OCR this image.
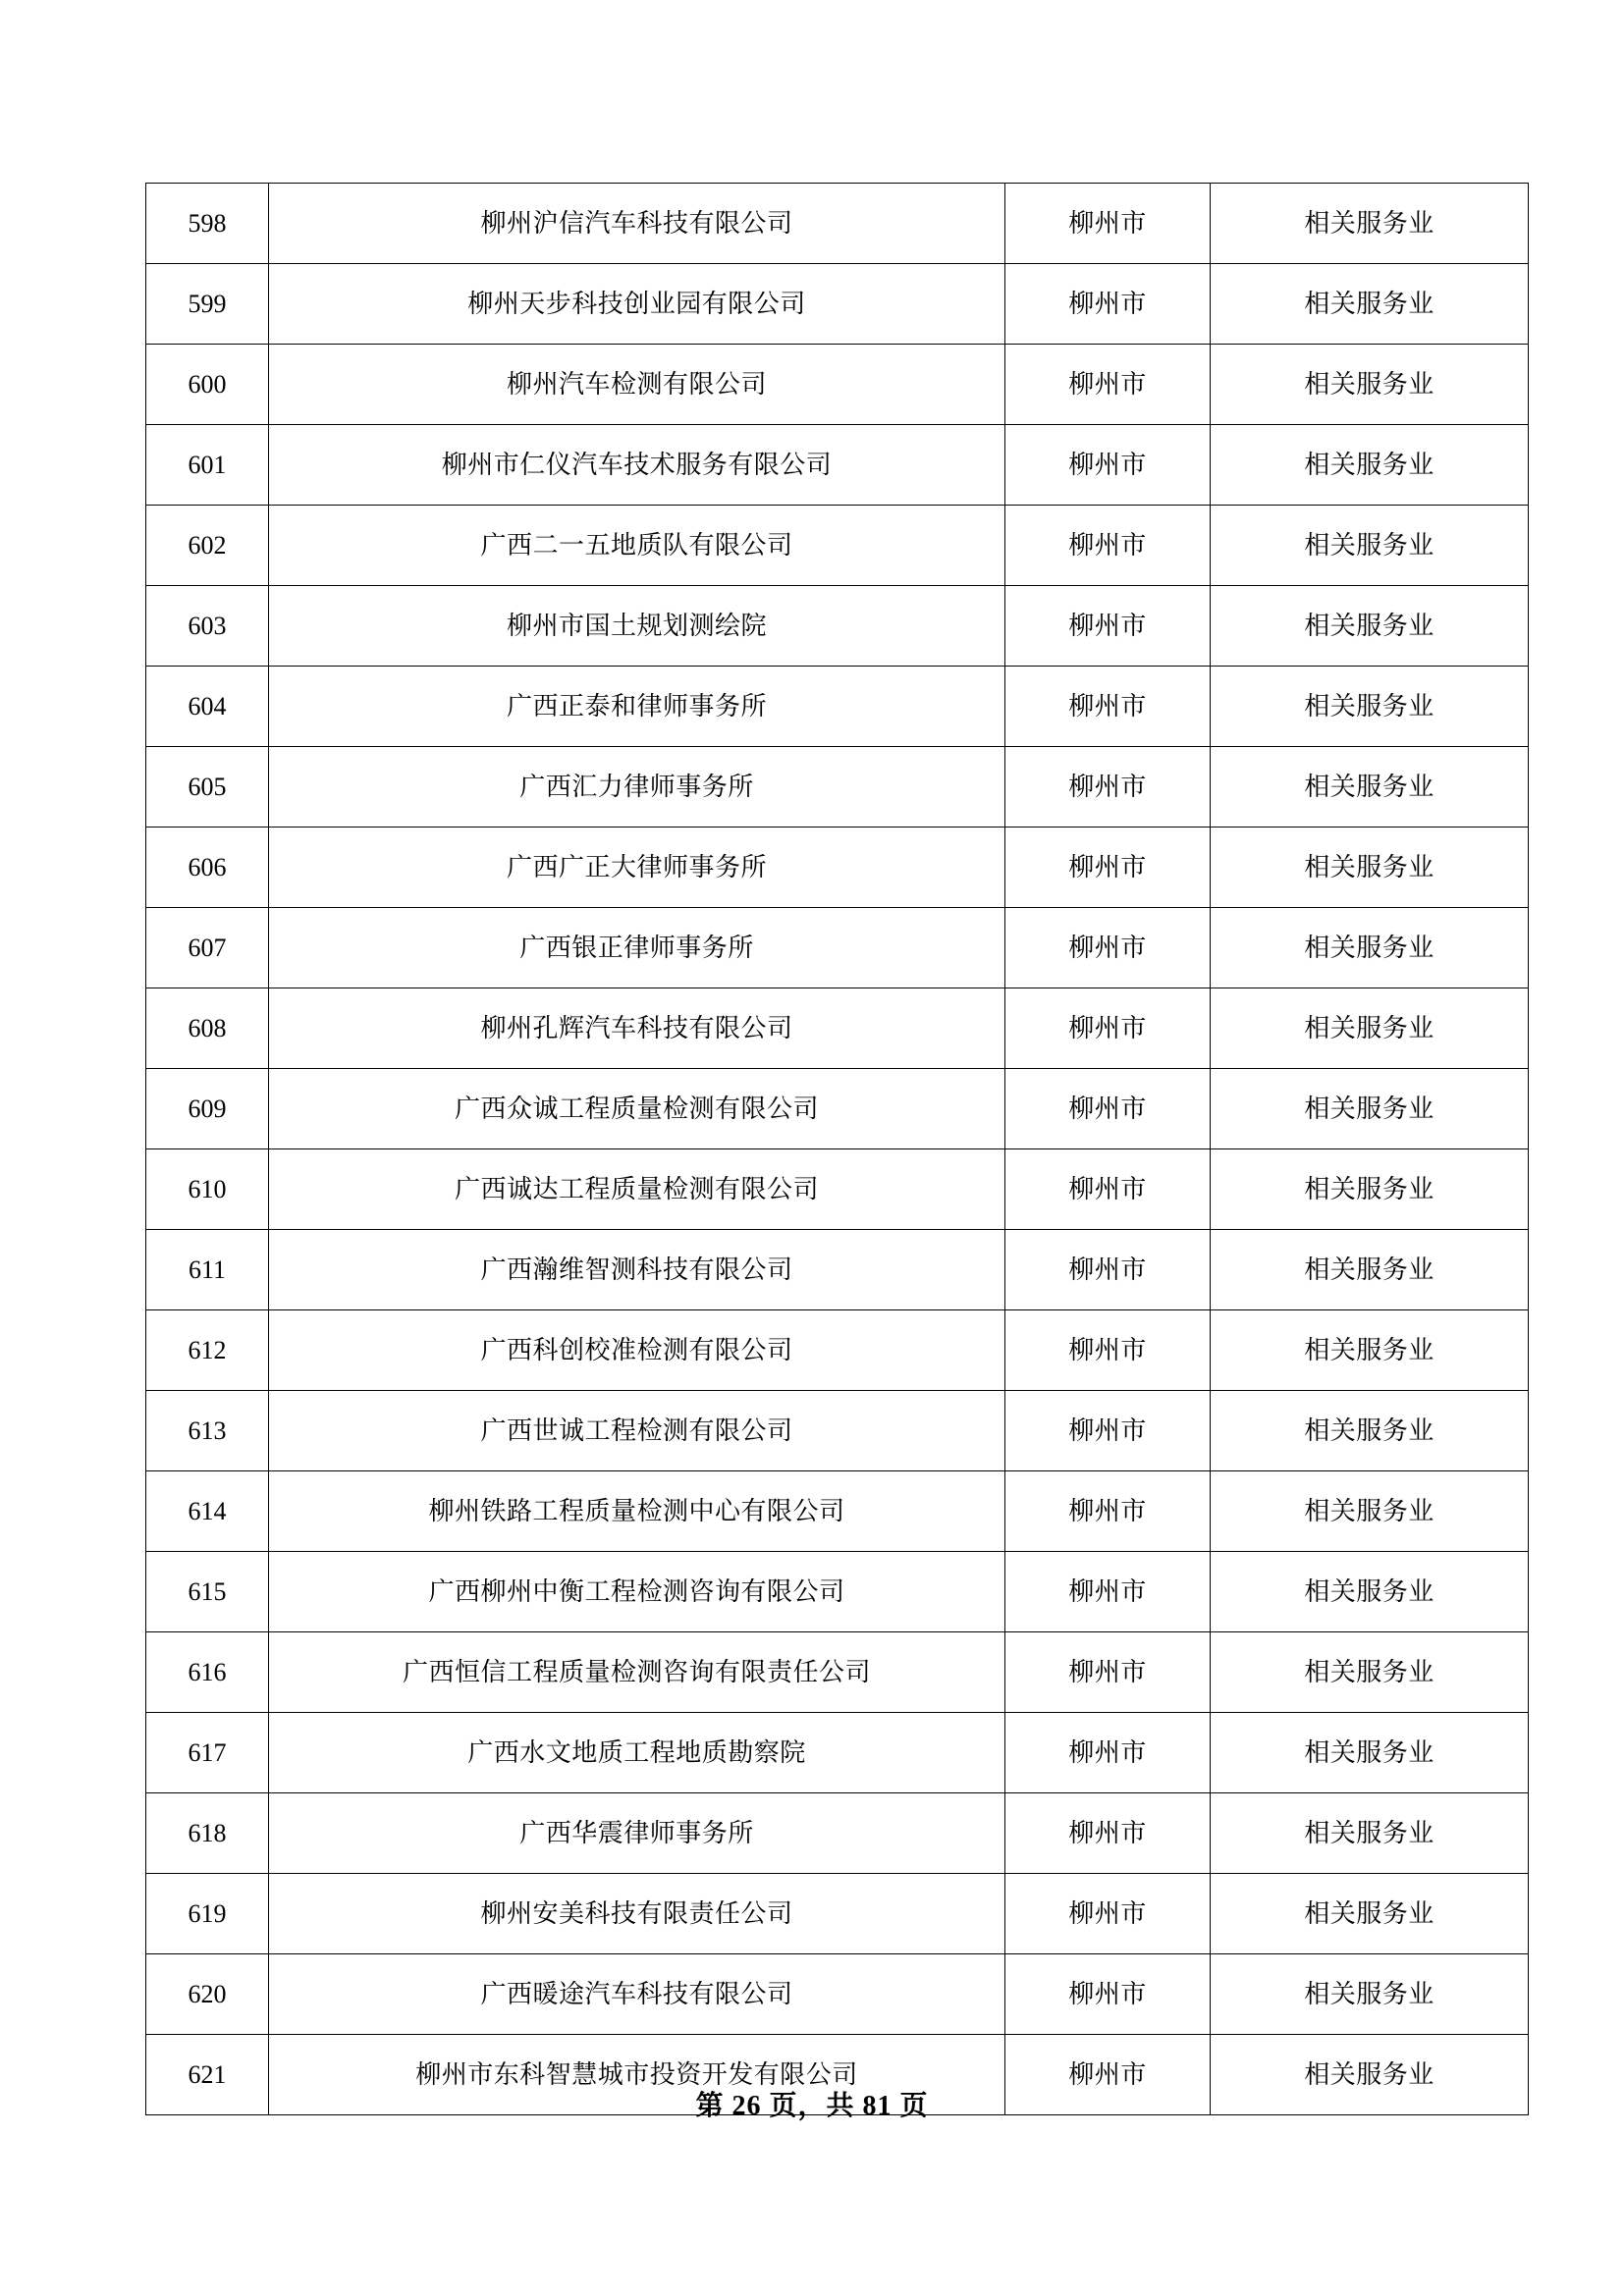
598	柳州沪信汽车科技有限公司	柳州市	相关服务业
599	柳州天步科技创业园有限公司	柳州市	相关服务业
600	柳州汽车检测有限公司	柳州市	相关服务业
601	柳州市仁仪汽车技术服务有限公司	柳州市	相关服务业
602	广西二一五地质队有限公司	柳州市	相关服务业
603	柳州市国土规划测绘院	柳州市	相关服务业
604	广西正泰和律师事务所	柳州市	相关服务业
605	广西汇力律师事务所	柳州市	相关服务业
606	广西广正大律师事务所	柳州市	相关服务业
607	广西银正律师事务所	柳州市	相关服务业
608	柳州孔辉汽车科技有限公司	柳州市	相关服务业
609	广西众诚工程质量检测有限公司	柳州市	相关服务业
610	广西诚达工程质量检测有限公司	柳州市	相关服务业
611	广西瀚维智测科技有限公司	柳州市	相关服务业
612	广西科创校准检测有限公司	柳州市	相关服务业
613	广西世诚工程检测有限公司	柳州市	相关服务业
614	柳州铁路工程质量检测中心有限公司	柳州市	相关服务业
615	广西柳州中衡工程检测咨询有限公司	柳州市	相关服务业
616	广西恒信工程质量检测咨询有限责任公司	柳州市	相关服务业
617	广西水文地质工程地质勘察院	柳州市	相关服务业
618	广西华震律师事务所	柳州市	相关服务业
619	柳州安美科技有限责任公司	柳州市	相关服务业
620	广西暖途汽车科技有限公司	柳州市	相关服务业
621	柳州市东科智慧城市投资开发有限公司	柳州市	相关服务业
第 26 页，共 81 页
